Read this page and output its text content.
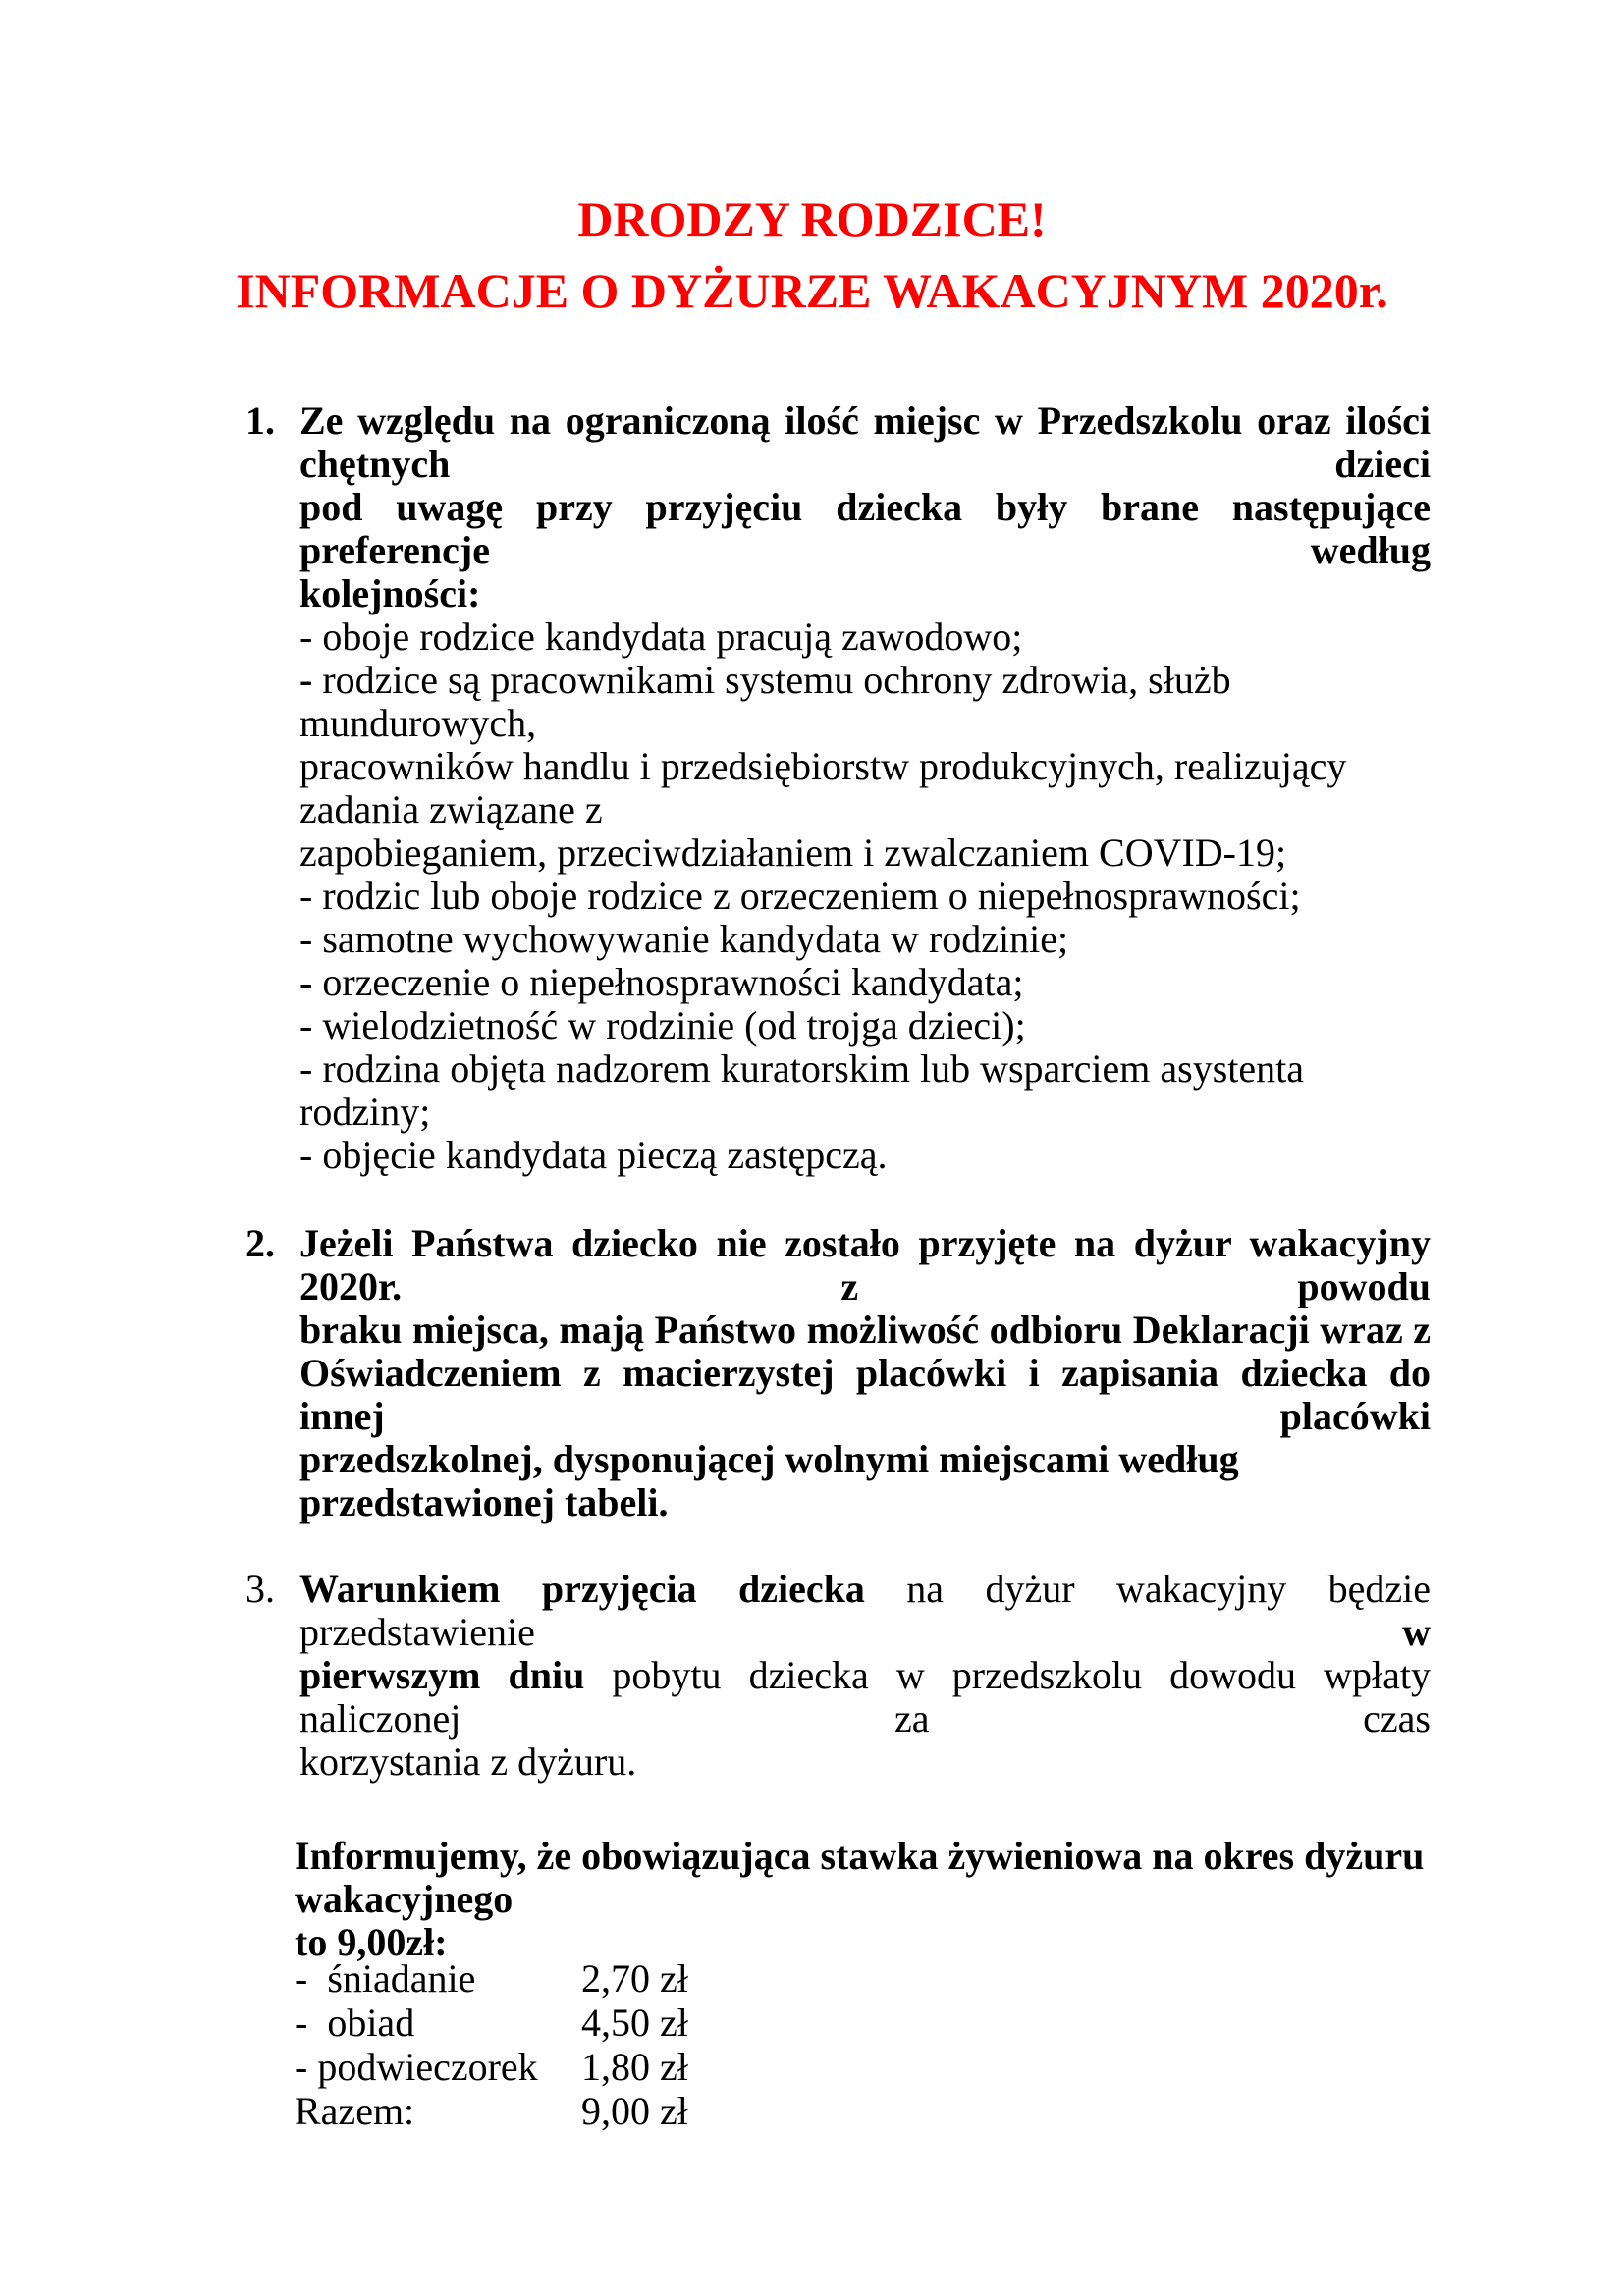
DRODZY RODZICE!
INFORMACJE O DYŻURZE WAKACYJNYM 2020r.
1. Ze względu na ograniczoną ilość miejsc w Przedszkolu oraz ilości chętnych dzieci
pod uwagę przy przyjęciu dziecka były brane następujące preferencje według
kolejności:
- oboje rodzice kandydata pracują zawodowo;
- rodzice są pracownikami systemu ochrony zdrowia, służb mundurowych,
pracowników handlu i przedsiębiorstw produkcyjnych, realizujący zadania związane z
zapobieganiem, przeciwdziałaniem i zwalczaniem COVID-19;
- rodzic lub oboje rodzice z orzeczeniem o niepełnosprawności;
- samotne wychowywanie kandydata w rodzinie;
- orzeczenie o niepełnosprawności kandydata;
- wielodzietność w rodzinie (od trojga dzieci);
- rodzina objęta nadzorem kuratorskim lub wsparciem asystenta rodziny;
- objęcie kandydata pieczą zastępczą.
2. Jeżeli Państwa dziecko nie zostało przyjęte na dyżur wakacyjny 2020r. z powodu
braku miejsca, mają Państwo możliwość odbioru Deklaracji wraz z
Oświadczeniem z macierzystej placówki i zapisania dziecka do innej placówki
przedszkolnej, dysponującej wolnymi miejscami według przedstawionej tabeli.
3. Warunkiem przyjęcia dziecka na dyżur wakacyjny będzie przedstawienie w
pierwszym dniu pobytu dziecka w przedszkolu dowodu wpłaty naliczonej za czas
korzystania z dyżuru.
Informujemy, że obowiązująca stawka żywieniowa na okres dyżuru wakacyjnego
to 9,00zł:
-  śniadanie	2,70 zł
-  obiad	4,50 zł
- podwieczorek	1,80 zł
Razem:	9,00 zł
